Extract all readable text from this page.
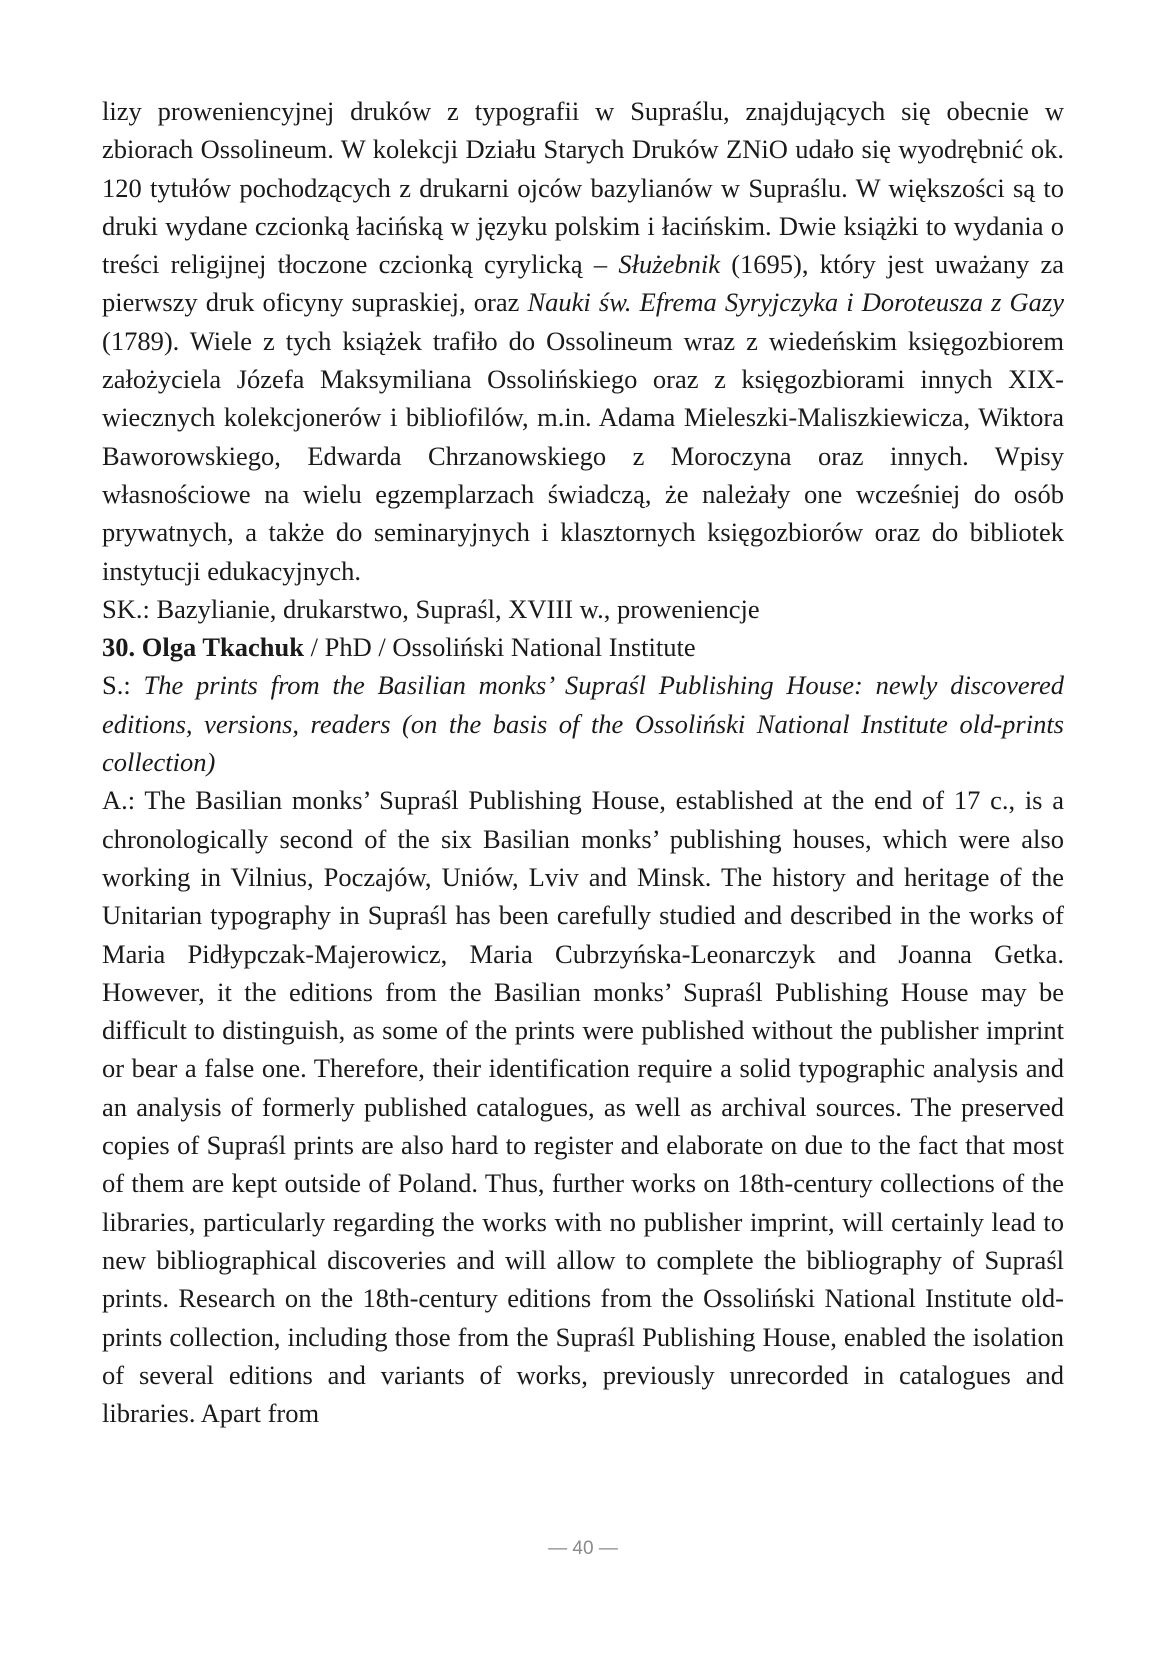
lizy proweniencyjnej druków z typografii w Supraślu, znajdujących się obecnie w zbiorach Ossolineum. W kolekcji Działu Starych Druków ZNiO udało się wyodrębnić ok. 120 tytułów pochodzących z drukarni ojców bazylianów w Supraślu. W większości są to druki wydane czcionką łacińską w języku polskim i łacińskim. Dwie książki to wydania o treści religijnej tłoczone czcionką cyrylicką – Służebnik (1695), który jest uważany za pierwszy druk oficyny supraskiej, oraz Nauki św. Efrema Syryjczyka i Doroteusza z Gazy (1789). Wiele z tych książek trafiło do Ossolineum wraz z wiedeńskim księgozbiorem założyciela Józefa Maksymiliana Ossolińskiego oraz z księgozbiorami innych XIX-wiecznych kolekcjonerów i bibliofilów, m.in. Adama Mieleszki-Maliszkiewicza, Wiktora Baworowskiego, Edwarda Chrzanowskiego z Moroczyna oraz innych. Wpisy własnościowe na wielu egzemplarzach świadczą, że należały one wcześniej do osób prywatnych, a także do seminaryjnych i klasztornych księgozbiorów oraz do bibliotek instytucji edukacyjnych.

SK.: Bazylianie, drukarstwo, Supraśl, XVIII w., proweniencje

30. Olga Tkachuk / PhD / Ossoliński National Institute

S.: The prints from the Basilian monks’ Supraśl Publishing House: newly discovered editions, versions, readers (on the basis of the Ossoliński National Institute old-prints collection)

A.: The Basilian monks’ Supraśl Publishing House, established at the end of 17 c., is a chronologically second of the six Basilian monks’ publishing houses, which were also working in Vilnius, Poczajów, Uniów, Lviv and Minsk. The history and heritage of the Unitarian typography in Supraśl has been carefully studied and described in the works of Maria Pidłypczak-Majerowicz, Maria Cubrzyńska-Leonarczyk and Joanna Getka. However, it the editions from the Basilian monks’ Supraśl Publishing House may be difficult to distinguish, as some of the prints were published without the publisher imprint or bear a false one. Therefore, their identification require a solid typographic analysis and an analysis of formerly published catalogues, as well as archival sources. The preserved copies of Supraśl prints are also hard to register and elaborate on due to the fact that most of them are kept outside of Poland. Thus, further works on 18th-century collections of the libraries, particularly regarding the works with no publisher imprint, will certainly lead to new bibliographical discoveries and will allow to complete the bibliography of Supraśl prints. Research on the 18th-century editions from the Ossoliński National Institute old-prints collection, including those from the Supraśl Publishing House, enabled the isolation of several editions and variants of works, previously unrecorded in catalogues and libraries. Apart from

— 40 —
